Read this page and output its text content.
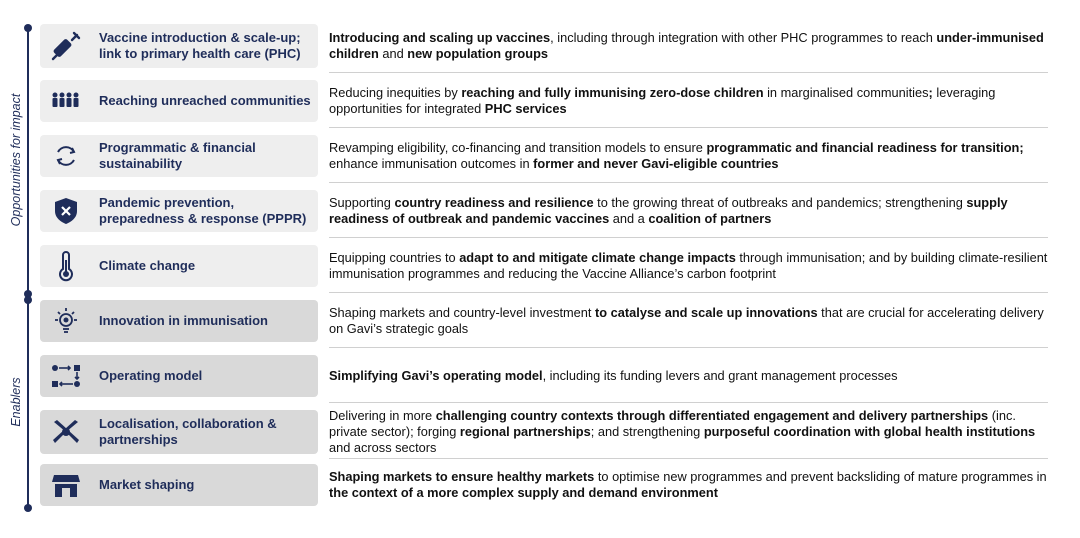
Opportunities for impact
Enablers
Vaccine introduction & scale-up; link to primary health care (PHC)
Introducing and scaling up vaccines, including through integration with other PHC programmes to reach under-immunised children and new population groups
Reaching unreached communities
Reducing inequities by reaching and fully immunising zero-dose children in marginalised communities; leveraging opportunities for integrated PHC services
Programmatic & financial sustainability
Revamping eligibility, co-financing and transition models to ensure programmatic and financial readiness for transition; enhance immunisation outcomes in former and never Gavi-eligible countries
Pandemic prevention, preparedness & response (PPPR)
Supporting country readiness and resilience to the growing threat of outbreaks and pandemics; strengthening supply readiness of outbreak and pandemic vaccines and a coalition of partners
Climate change
Equipping countries to adapt to and mitigate climate change impacts through immunisation; and by building climate-resilient immunisation programmes and reducing the Vaccine Alliance’s carbon footprint
Innovation in immunisation
Shaping markets and country-level investment to catalyse and scale up innovations that are crucial for accelerating delivery on Gavi’s strategic goals
Operating model	Simplifying Gavi’s operating model, including its funding levers and grant management processes
Localisation, collaboration & partnerships
Delivering in more challenging country contexts through differentiated engagement and delivery partnerships (inc. private sector); forging regional partnerships; and strengthening purposeful coordination with global health institutions and across sectors
Market shaping
Shaping markets to ensure healthy markets to optimise new programmes and prevent backsliding of mature programmes in the context of a more complex supply and demand environment
